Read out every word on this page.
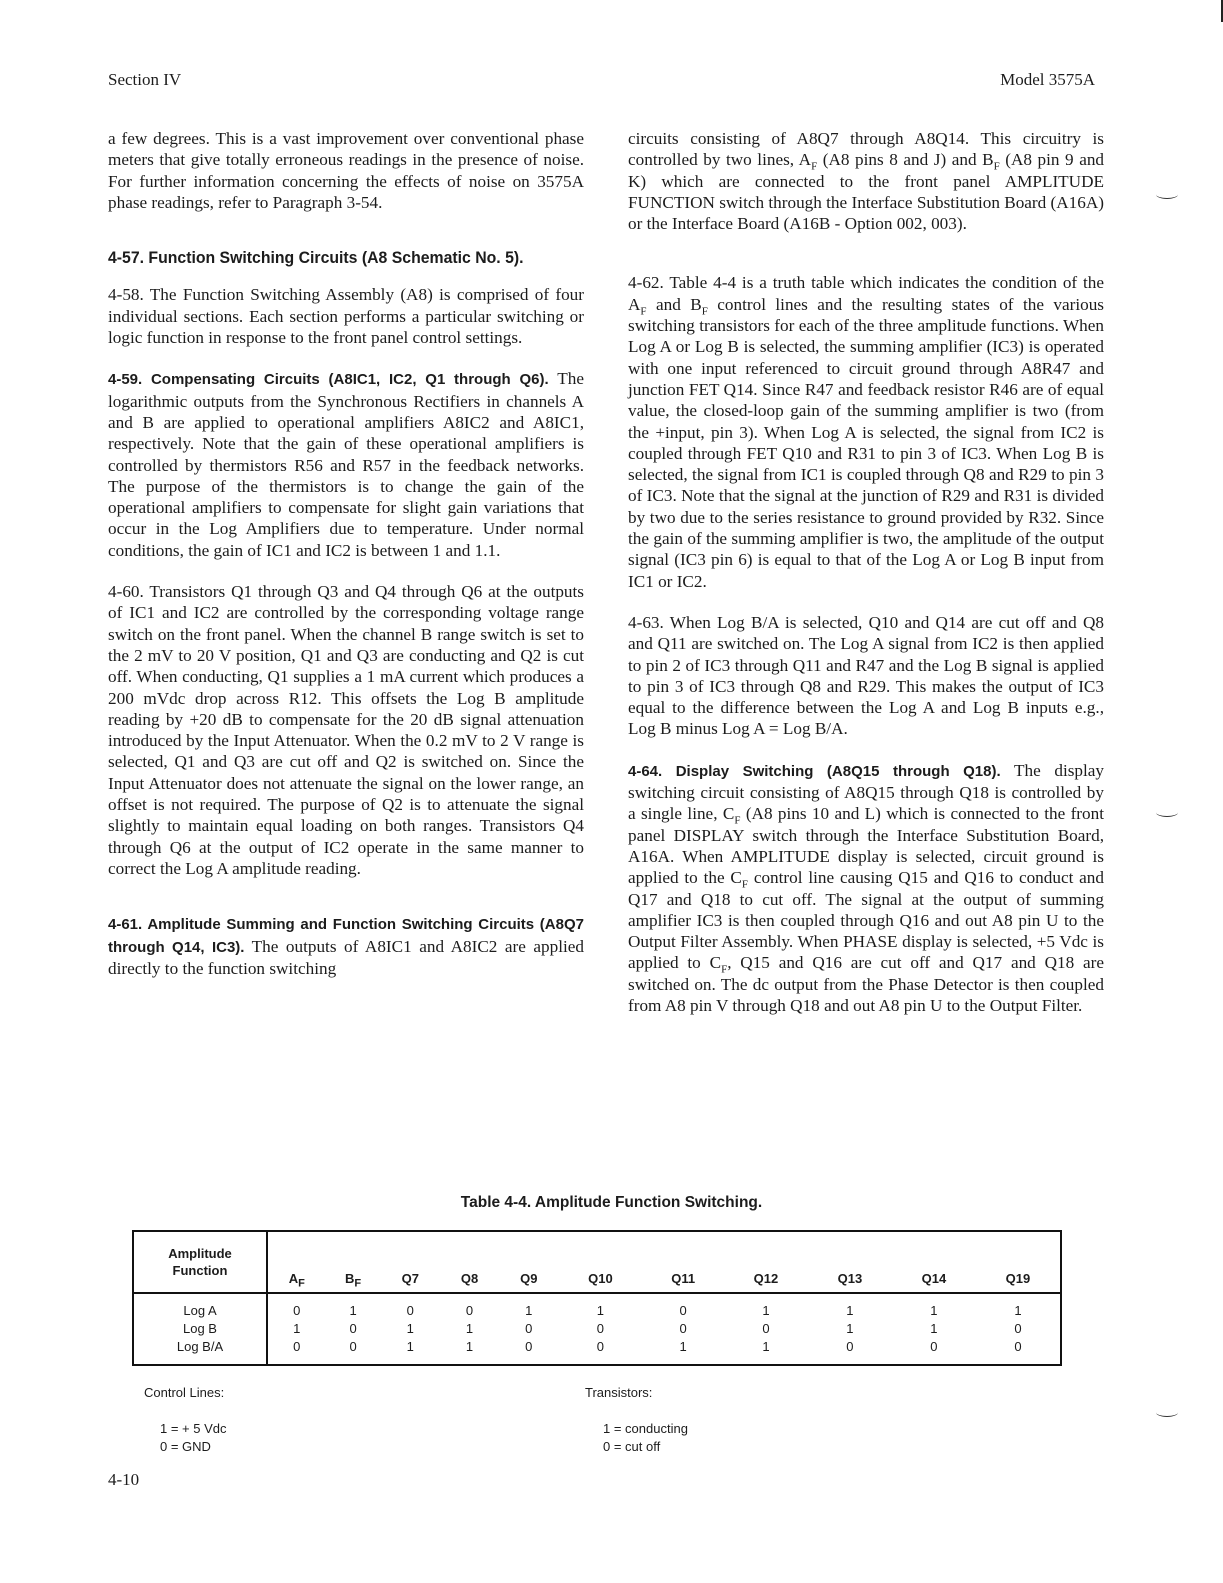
Section IV	Model 3575A

a few degrees. This is a vast improvement over conventional phase meters that give totally erroneous readings in the presence of noise. For further information concerning the effects of noise on 3575A phase readings, refer to Paragraph 3-54.

4-57. Function Switching Circuits (A8 Schematic No. 5).

4-58. The Function Switching Assembly (A8) is comprised of four individual sections. Each section performs a particular switching or logic function in response to the front panel control settings.

4-59. Compensating Circuits (A8IC1, IC2, Q1 through Q6). The logarithmic outputs from the Synchronous Rectifiers in channels A and B are applied to operational amplifiers A8IC2 and A8IC1, respectively. Note that the gain of these operational amplifiers is controlled by thermistors R56 and R57 in the feedback networks. The purpose of the thermistors is to change the gain of the operational amplifiers to compensate for slight gain variations that occur in the Log Amplifiers due to temperature. Under normal conditions, the gain of IC1 and IC2 is between 1 and 1.1.

4-60. Transistors Q1 through Q3 and Q4 through Q6 at the outputs of IC1 and IC2 are controlled by the corresponding voltage range switch on the front panel. When the channel B range switch is set to the 2 mV to 20 V position, Q1 and Q3 are conducting and Q2 is cut off. When conducting, Q1 supplies a 1 mA current which produces a 200 mVdc drop across R12. This offsets the Log B amplitude reading by +20 dB to compensate for the 20 dB signal attenuation introduced by the Input Attenuator. When the 0.2 mV to 2 V range is selected, Q1 and Q3 are cut off and Q2 is switched on. Since the Input Attenuator does not attenuate the signal on the lower range, an offset is not required. The purpose of Q2 is to attenuate the signal slightly to maintain equal loading on both ranges. Transistors Q4 through Q6 at the output of IC2 operate in the same manner to correct the Log A amplitude reading.

4-61. Amplitude Summing and Function Switching Circuits (A8Q7 through Q14, IC3). The outputs of A8IC1 and A8IC2 are applied directly to the function switching

circuits consisting of A8Q7 through A8Q14. This circuitry is controlled by two lines, $A_F$ (A8 pins 8 and J) and $B_F$ (A8 pin 9 and K) which are connected to the front panel AMPLITUDE FUNCTION switch through the Interface Substitution Board (A16A) or the Interface Board (A16B - Option 002, 003).

4-62. Table 4-4 is a truth table which indicates the condition of the $A_F$ and $B_F$ control lines and the resulting states of the various switching transistors for each of the three amplitude functions. When Log A or Log B is selected, the summing amplifier (IC3) is operated with one input referenced to circuit ground through A8R47 and junction FET Q14. Since R47 and feedback resistor R46 are of equal value, the closed-loop gain of the summing amplifier is two (from the +input, pin 3). When Log A is selected, the signal from IC2 is coupled through FET Q10 and R31 to pin 3 of IC3. When Log B is selected, the signal from IC1 is coupled through Q8 and R29 to pin 3 of IC3. Note that the signal at the junction of R29 and R31 is divided by two due to the series resistance to ground provided by R32. Since the gain of the summing amplifier is two, the amplitude of the output signal (IC3 pin 6) is equal to that of the Log A or Log B input from IC1 or IC2.

4-63. When Log B/A is selected, Q10 and Q14 are cut off and Q8 and Q11 are switched on. The Log A signal from IC2 is then applied to pin 2 of IC3 through Q11 and R47 and the Log B signal is applied to pin 3 of IC3 through Q8 and R29. This makes the output of IC3 equal to the difference between the Log A and Log B inputs e.g., Log B minus Log A = Log B/A.

4-64. Display Switching (A8Q15 through Q18). The display switching circuit consisting of A8Q15 through Q18 is controlled by a single line, $C_F$ (A8 pins 10 and L) which is connected to the front panel DISPLAY switch through the Interface Substitution Board, A16A. When AMPLITUDE display is selected, circuit ground is applied to the $C_F$ control line causing Q15 and Q16 to conduct and Q17 and Q18 to cut off. The signal at the output of summing amplifier IC3 is then coupled through Q16 and out A8 pin U to the Output Filter Assembly. When PHASE display is selected, +5 Vdc is applied to $C_F$, Q15 and Q16 are cut off and Q17 and Q18 are switched on. The dc output from the Phase Detector is then coupled from A8 pin V through Q18 and out A8 pin U to the Output Filter.

Table 4-4. Amplitude Function Switching.
Amplitude
Function	$A_F$	$B_F$	Q7	Q8	Q9	Q10	Q11	Q12	Q13	Q14	Q19
Log A	0	1	0	0	1	1	0	1	1	1	1
Log B	1	0	1	1	0	0	0	0	1	1	0
Log B/A	0	0	1	1	0	0	1	1	0	0	0
Control Lines:
1 = + 5 Vdc
0 = GND
Transistors:
1 = conducting
0 = cut off
4-10
